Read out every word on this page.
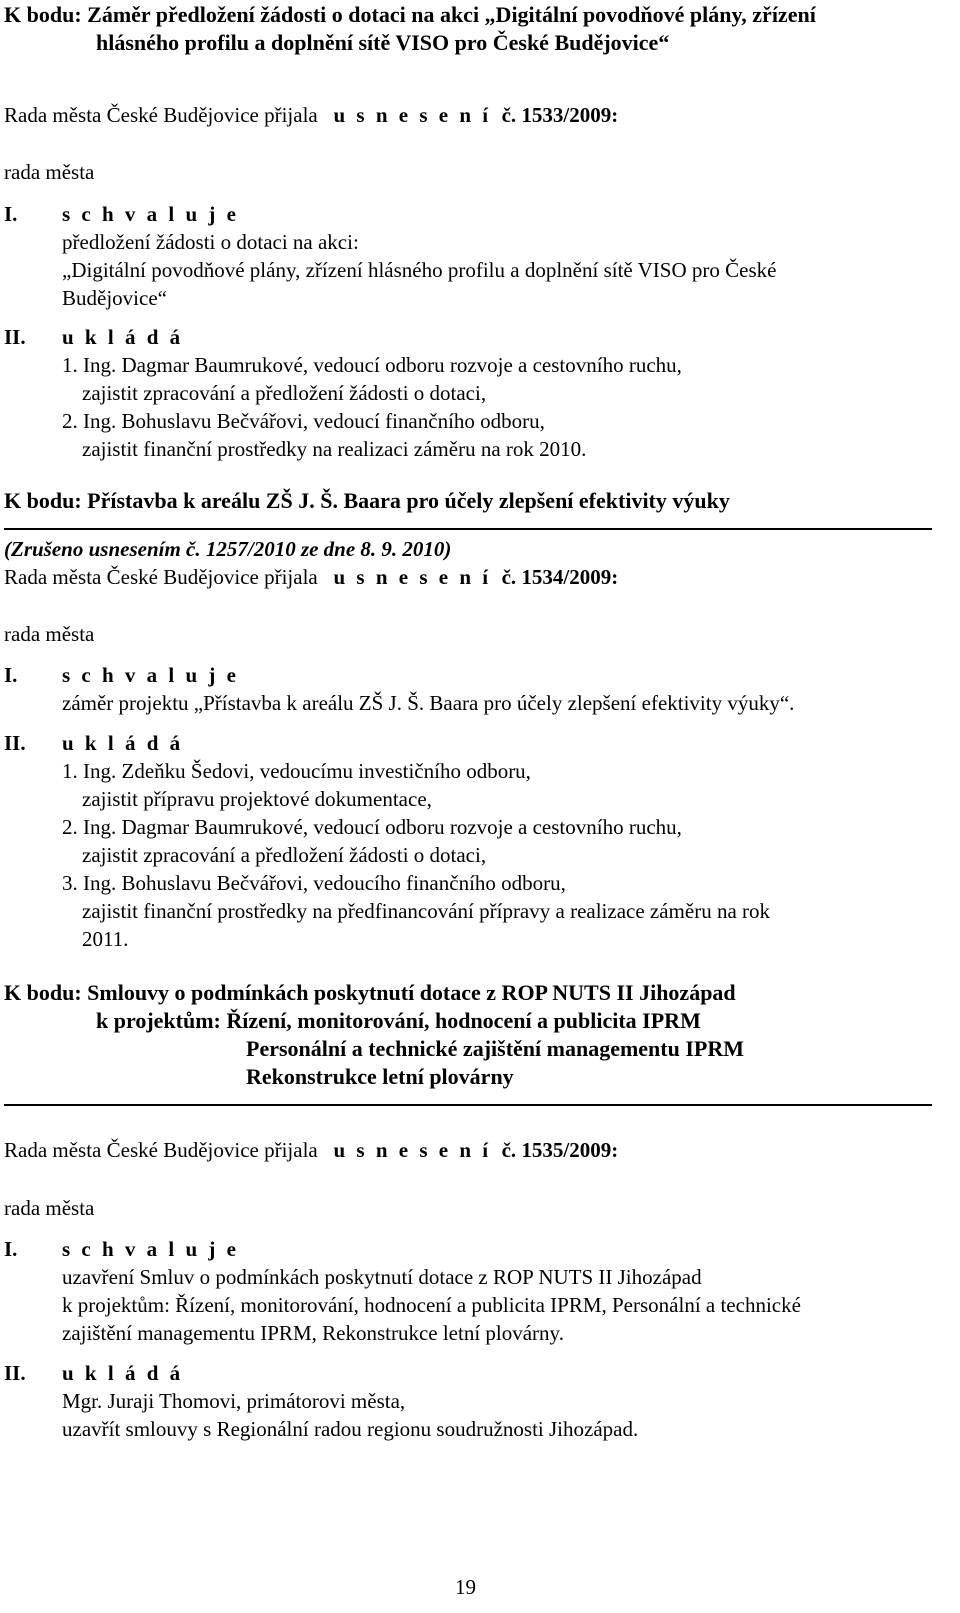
K bodu: Záměr předložení žádosti o dotaci na akci „Digitální povodňové plány, zřízení
hlásného profilu a doplnění sítě VISO pro České Budějovice“
Rada města České Budějovice přijala u s n e s e n í č. 1533/2009:
rada města
I. s c h v a l u j e
předložení žádosti o dotaci na akci:
„Digitální povodňové plány, zřízení hlásného profilu a doplnění sítě VISO pro České
Budějovice“
II. u k l á d á
1. Ing. Dagmar Baumrukové, vedoucí odboru rozvoje a cestovního ruchu,
zajistit zpracování a předložení žádosti o dotaci,
2. Ing. Bohuslavu Bečvářovi, vedoucí finančního odboru,
zajistit finanční prostředky na realizaci záměru na rok 2010.
K bodu: Přístavba k areálu ZŠ J. Š. Baara pro účely zlepšení efektivity výuky
(Zrušeno usnesením č. 1257/2010 ze dne 8. 9. 2010)
Rada města České Budějovice přijala u s n e s e n í č. 1534/2009:
rada města
I. s c h v a l u j e
záměr projektu „Přístavba k areálu ZŠ J. Š. Baara pro účely zlepšení efektivity výuky“.
II. u k l á d á
1. Ing. Zdeňku Šedovi, vedoucímu investičního odboru,
zajistit přípravu projektové dokumentace,
2. Ing. Dagmar Baumrukové, vedoucí odboru rozvoje a cestovního ruchu,
zajistit zpracování a předložení žádosti o dotaci,
3. Ing. Bohuslavu Bečvářovi, vedoucího finančního odboru,
zajistit finanční prostředky na předfinancování přípravy a realizace záměru na rok
2011.
K bodu: Smlouvy o podmínkách poskytnutí dotace z ROP NUTS II Jihozápad
k projektům: Řízení, monitorování, hodnocení a publicita IPRM
Personální a technické zajištění managementu IPRM
Rekonstrukce letní plovárny
Rada města České Budějovice přijala u s n e s e n í č. 1535/2009:
rada města
I. s c h v a l u j e
uzavření Smluv o podmínkách poskytnutí dotace z ROP NUTS II Jihozápad
k projektům: Řízení, monitorování, hodnocení a publicita IPRM, Personální a technické
zajištění managementu IPRM, Rekonstrukce letní plovárny.
II. u k l á d á
Mgr. Juraji Thomovi, primátorovi města,
uzavřít smlouvy s Regionální radou regionu soudružnosti Jihozápad.
19
